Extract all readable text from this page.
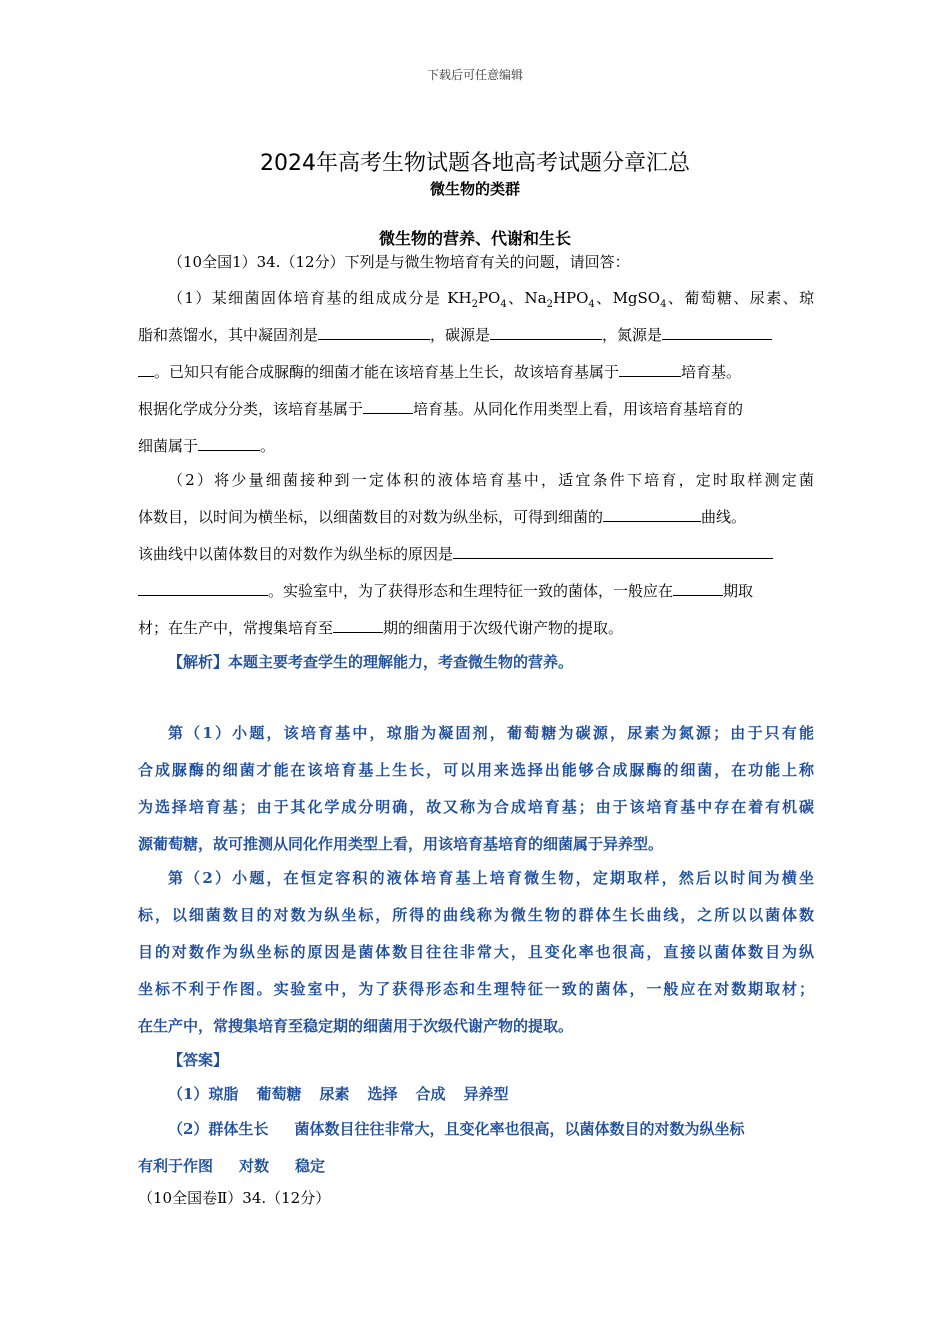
下载后可任意编辑
2024年高考生物试题各地高考试题分章汇总
微生物的类群
微生物的营养、代谢和生长
（10全国1）34.（12分）下列是与微生物培育有关的问题，请回答：
（1）某细菌固体培育基的组成成分是 $KH_2PO_4$、$Na_2HPO_4$、MgSO$_4$、葡萄糖、尿素、琼
脂和蒸馏水，其中凝固剂是	，碳源是	，氮源是
。已知只有能合成脲酶的细菌才能在该培育基上生长，故该培育基属于	培育基。
根据化学成分分类，该培育基属于	培育基。从同化作用类型上看，用该培育基培育的
细菌属于	。
（2）将少量细菌接种到一定体积的液体培育基中，适宜条件下培育，定时取样测定菌
体数目，以时间为横坐标，以细菌数目的对数为纵坐标，可得到细菌的	曲线。
该曲线中以菌体数目的对数作为纵坐标的原因是
。实验室中，为了获得形态和生理特征一致的菌体，一般应在	期取
材；在生产中，常搜集培育至	期的细菌用于次级代谢产物的提取。
【解析】本题主要考查学生的理解能力，考查微生物的营养。
第（1）小题，该培育基中，琼脂为凝固剂，葡萄糖为碳源，尿素为氮源；由于只有能
合成脲酶的细菌才能在该培育基上生长，可以用来选择出能够合成脲酶的细菌，在功能上称
为选择培育基；由于其化学成分明确，故又称为合成培育基；由于该培育基中存在着有机碳
源葡萄糖，故可推测从同化作用类型上看，用该培育基培育的细菌属于异养型。
第（2）小题，在恒定容积的液体培育基上培育微生物，定期取样，然后以时间为横坐
标，以细菌数目的对数为纵坐标，所得的曲线称为微生物的群体生长曲线，之所以以菌体数
目的对数作为纵坐标的原因是菌体数目往往非常大，且变化率也很高，直接以菌体数目为纵
坐标不利于作图。实验室中，为了获得形态和生理特征一致的菌体，一般应在对数期取材；
在生产中，常搜集培育至稳定期的细菌用于次级代谢产物的提取。
【答案】
（1）琼脂 葡萄糖 尿素 选择 合成 异养型
（2）群体生长 菌体数目往往非常大，且变化率也很高，以菌体数目的对数为纵坐标
有利于作图 对数 稳定
（10全国卷Ⅱ）34.（12分）
